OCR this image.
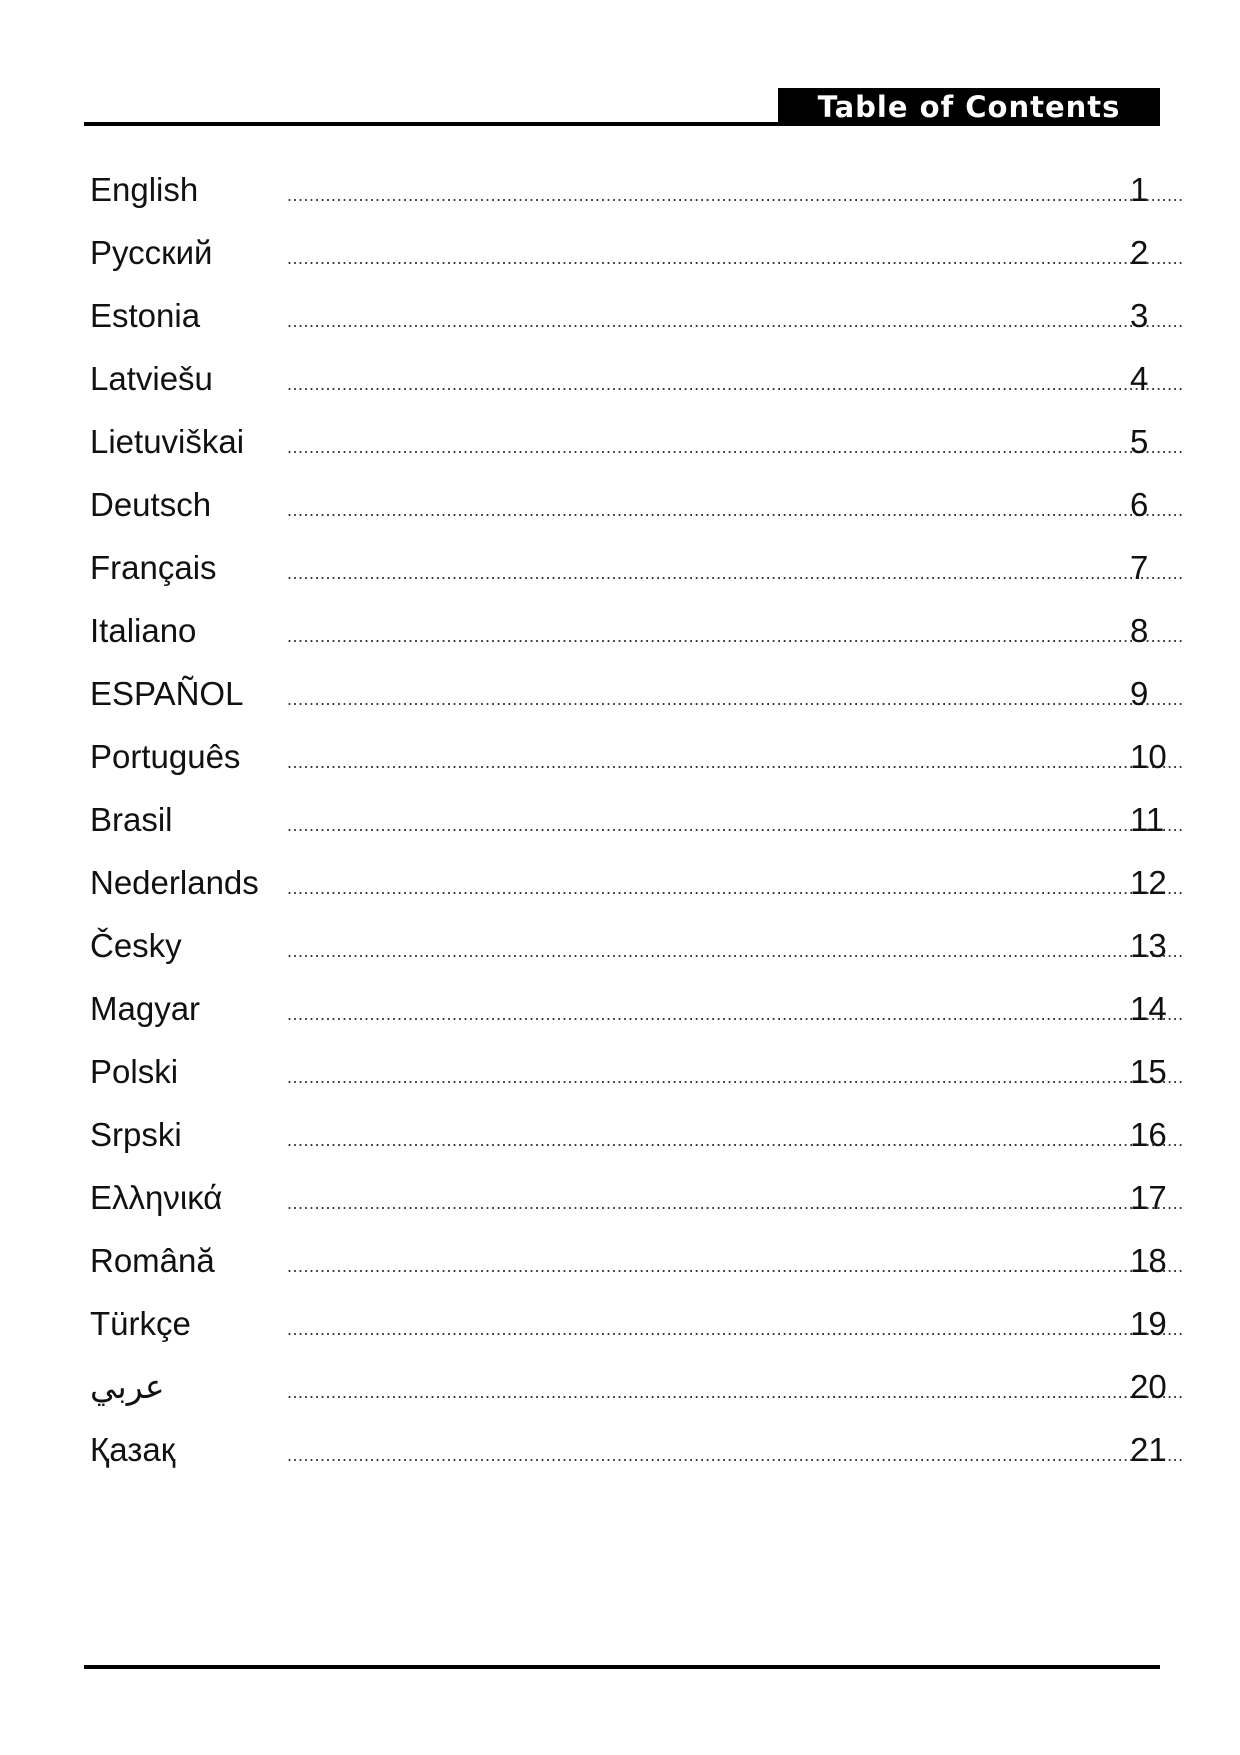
Table of Contents
English .....	1
Русский .....	2
Estonia .....	3
Latviešu .....	4
Lietuviškai .....	5
Deutsch .....	6
Français .....	7
Italiano .....	8
ESPAÑOL .....	9
Português .....	10
Brasil .....	11
Nederlands .....	12
Česky .....	13
Magyar .....	14
Polski .....	15
Srpski .....	16
Ελληνικά .....	17
Română .....	18
Türkçe .....	19
عربي .....	20
Қазақ .....	21
